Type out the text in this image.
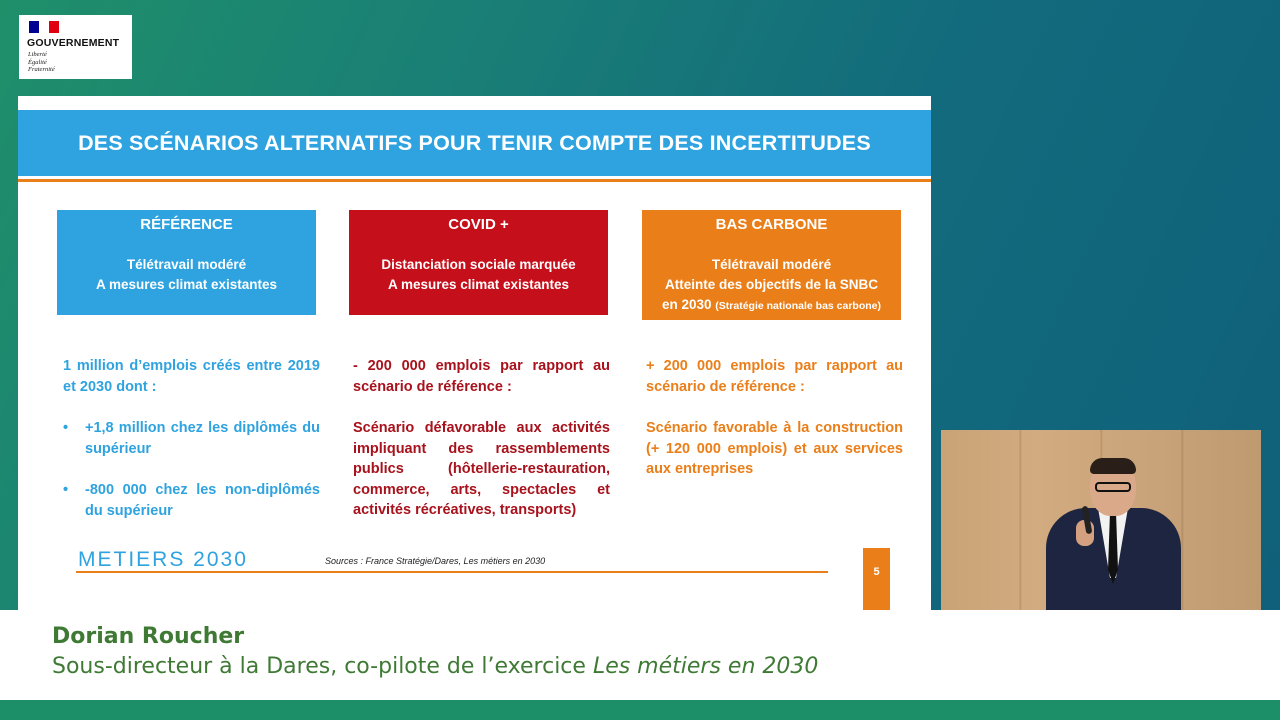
GOUVERNEMENT
Liberté
Égalité
Fraternité
DES SCÉNARIOS ALTERNATIFS POUR TENIR COMPTE DES INCERTITUDES
RÉFÉRENCE
Télétravail modéré
A mesures climat existantes
COVID +
Distanciation sociale marquée
A mesures climat existantes
BAS CARBONE
Télétravail modéré
Atteinte des objectifs de la SNBC
en 2030 (Stratégie nationale bas carbone)

1 million d’emplois créés entre 2019 et 2030 dont :

• +1,8 million chez les diplômés du supérieur

• -800 000 chez les non-diplômés du supérieur

- 200 000 emplois par rapport au scénario de référence :

Scénario défavorable aux activités impliquant des rassemblements publics (hôtellerie-restauration, commerce, arts, spectacles et activités récréatives, transports)

+ 200 000 emplois par rapport au scénario de référence :

Scénario favorable à la construction (+ 120 000 emplois) et aux services aux entreprises

METIERS 2030	Sources : France Stratégie/Dares, Les métiers en 2030
5
Dorian Roucher
Sous-directeur à la Dares, co-pilote de l’exercice Les métiers en 2030
